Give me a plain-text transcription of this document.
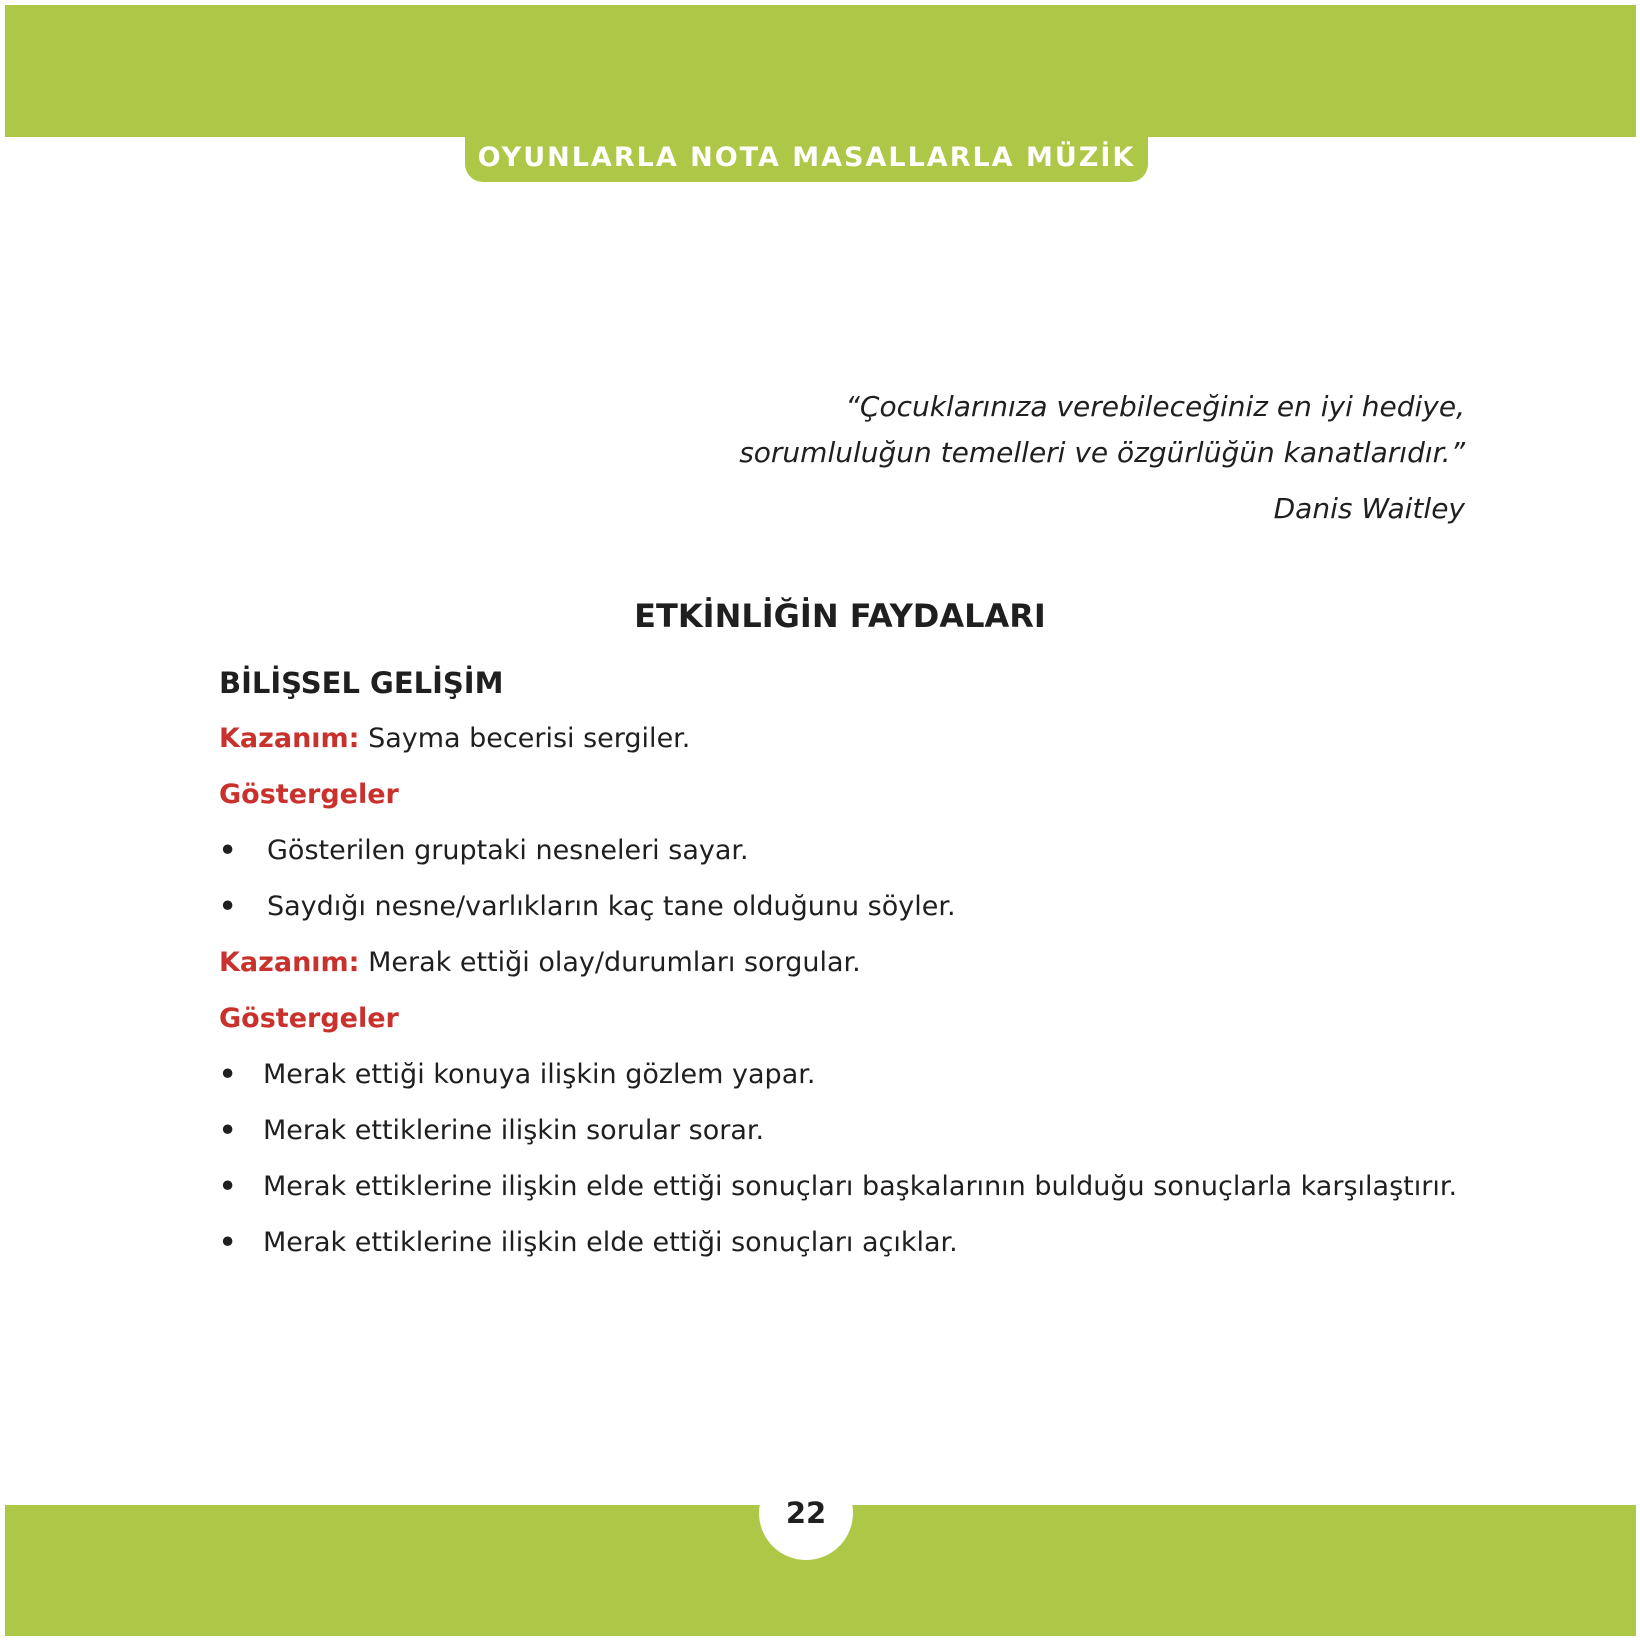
OYUNLARLA NOTA MASALLARLA MÜZİK
“Çocuklarınıza verebileceğiniz en iyi hediye,
sorumluluğun temelleri ve özgürlüğün kanatlarıdır.”
Danis Waitley
ETKİNLİĞİN FAYDALARI
BİLİŞSEL GELİŞİM
Kazanım: Sayma becerisi sergiler.
Göstergeler
• Gösterilen gruptaki nesneleri sayar.
• Saydığı nesne/varlıkların kaç tane olduğunu söyler.
Kazanım: Merak ettiği olay/durumları sorgular.
Göstergeler
• Merak ettiği konuya ilişkin gözlem yapar.
• Merak ettiklerine ilişkin sorular sorar.
• Merak ettiklerine ilişkin elde ettiği sonuçları başkalarının bulduğu sonuçlarla karşılaştırır.
• Merak ettiklerine ilişkin elde ettiği sonuçları açıklar.
22
